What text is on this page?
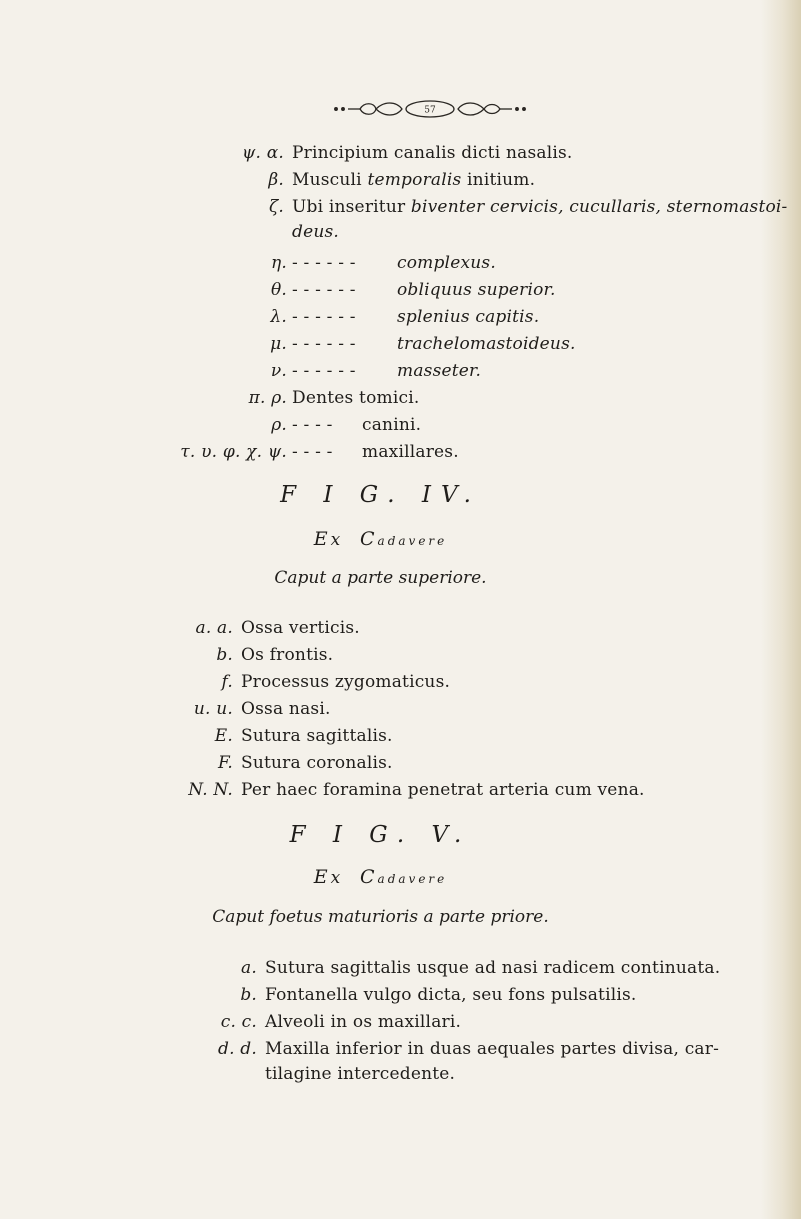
57
ψ. α. Principium canalis dicti nasalis.
β. Musculi temporalis initium.
ζ. Ubi inseritur biventer cervicis, cucullaris, sternomastoi-
deus.
η. - - - - - - complexus.
θ. - - - - - - obliquus superior.
λ. - - - - - - splenius capitis.
μ. - - - - - - trachelomastoideus.
ν. - - - - - - masseter.
π. ρ. Dentes tomici.
ρ. - - - - canini.
τ. υ. φ. χ. ψ. - - - - maxillares.
F I G. IV.
Ex Cadavere
Caput a parte superiore.
a. a. Ossa verticis.
b. Os frontis.
f. Processus zygomaticus.
u. u. Ossa nasi.
E. Sutura sagittalis.
F. Sutura coronalis.
N. N. Per haec foramina penetrat arteria cum vena.
F I G. V.
Ex Cadavere
Caput foetus maturioris a parte priore.
a. Sutura sagittalis usque ad nasi radicem continuata.
b. Fontanella vulgo dicta, seu fons pulsatilis.
c. c. Alveoli in os maxillari.
d. d. Maxilla inferior in duas aequales partes divisa, car-
tilagine intercedente.
